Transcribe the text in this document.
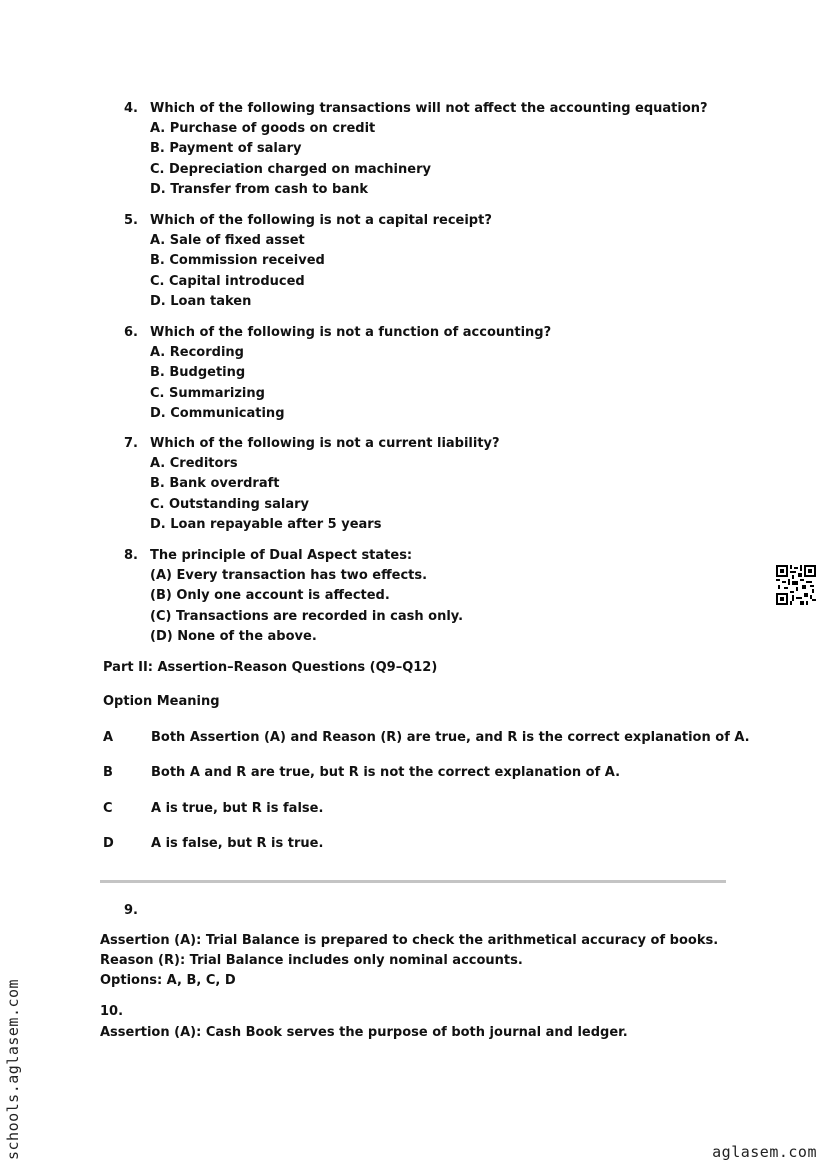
4. Which of the following transactions will not affect the accounting equation?
A. Purchase of goods on credit
B. Payment of salary
C. Depreciation charged on machinery
D. Transfer from cash to bank
5. Which of the following is not a capital receipt?
A. Sale of fixed asset
B. Commission received
C. Capital introduced
D. Loan taken
6. Which of the following is not a function of accounting?
A. Recording
B. Budgeting
C. Summarizing
D. Communicating
7. Which of the following is not a current liability?
A. Creditors
B. Bank overdraft
C. Outstanding salary
D. Loan repayable after 5 years
8. The principle of Dual Aspect states:
(A) Every transaction has two effects.
(B) Only one account is affected.
(C) Transactions are recorded in cash only.
(D) None of the above.
Part II: Assertion–Reason Questions (Q9–Q12)
Option Meaning
A	Both Assertion (A) and Reason (R) are true, and R is the correct explanation of A.
B	Both A and R are true, but R is not the correct explanation of A.
C	A is true, but R is false.
D	A is false, but R is true.
9.
Assertion (A): Trial Balance is prepared to check the arithmetical accuracy of books.
Reason (R): Trial Balance includes only nominal accounts.
Options: A, B, C, D
10.
Assertion (A): Cash Book serves the purpose of both journal and ledger.
schools.aglasem.com	aglasem.com
